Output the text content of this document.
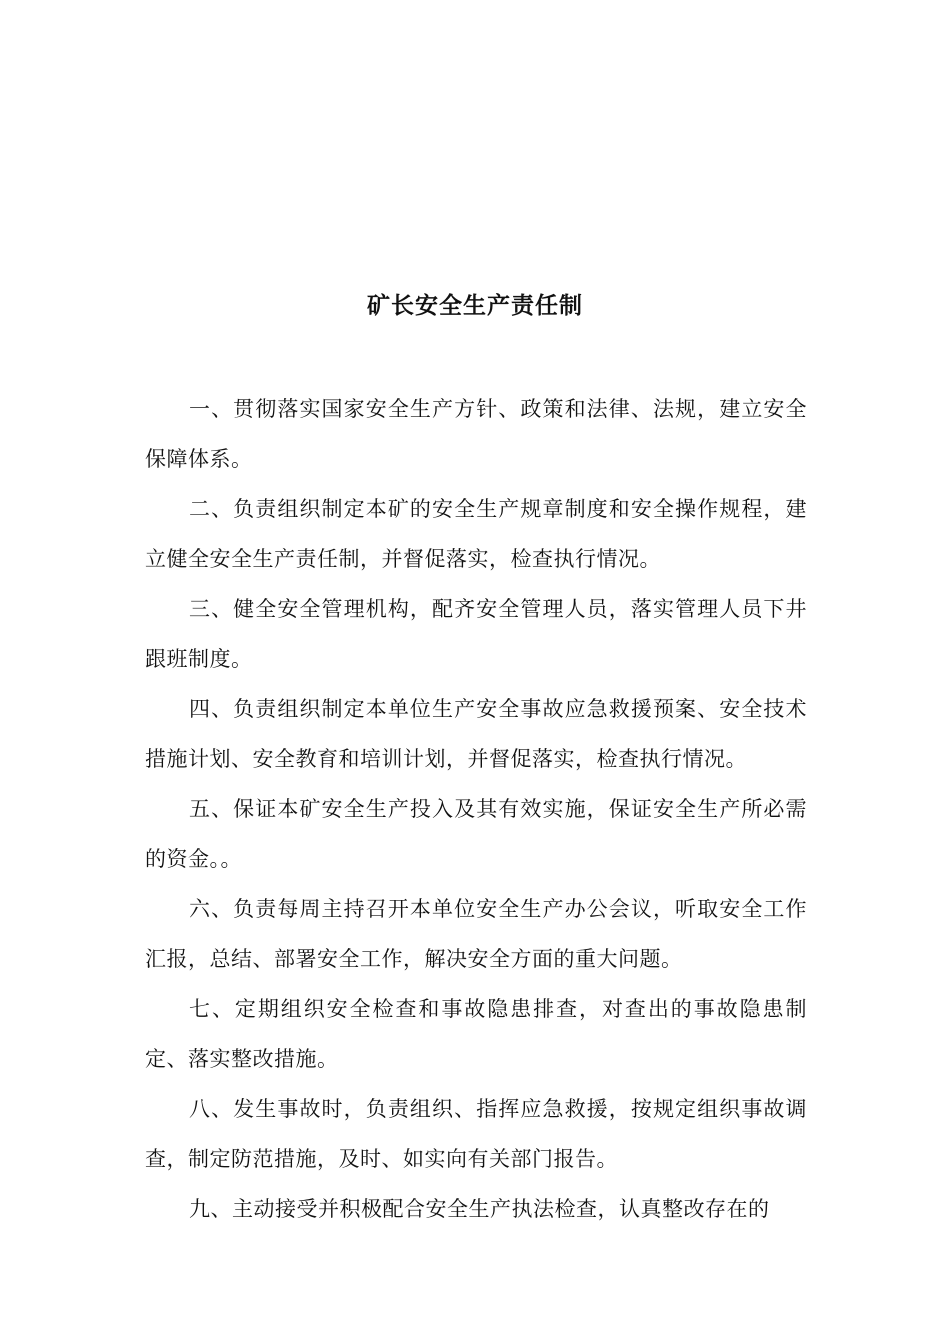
矿长安全生产责任制

一、贯彻落实国家安全生产方针、政策和法律、法规，建立安全保障体系。

二、负责组织制定本矿的安全生产规章制度和安全操作规程，建立健全安全生产责任制，并督促落实，检查执行情况。

三、健全安全管理机构，配齐安全管理人员，落实管理人员下井跟班制度。

四、负责组织制定本单位生产安全事故应急救援预案、安全技术措施计划、安全教育和培训计划，并督促落实，检查执行情况。

五、保证本矿安全生产投入及其有效实施，保证安全生产所必需的资金。。

六、负责每周主持召开本单位安全生产办公会议，听取安全工作汇报，总结、部署安全工作，解决安全方面的重大问题。

七、定期组织安全检查和事故隐患排查，对查出的事故隐患制定、落实整改措施。

八、发生事故时，负责组织、指挥应急救援，按规定组织事故调查，制定防范措施，及时、如实向有关部门报告。

九、主动接受并积极配合安全生产执法检查，认真整改存在的
